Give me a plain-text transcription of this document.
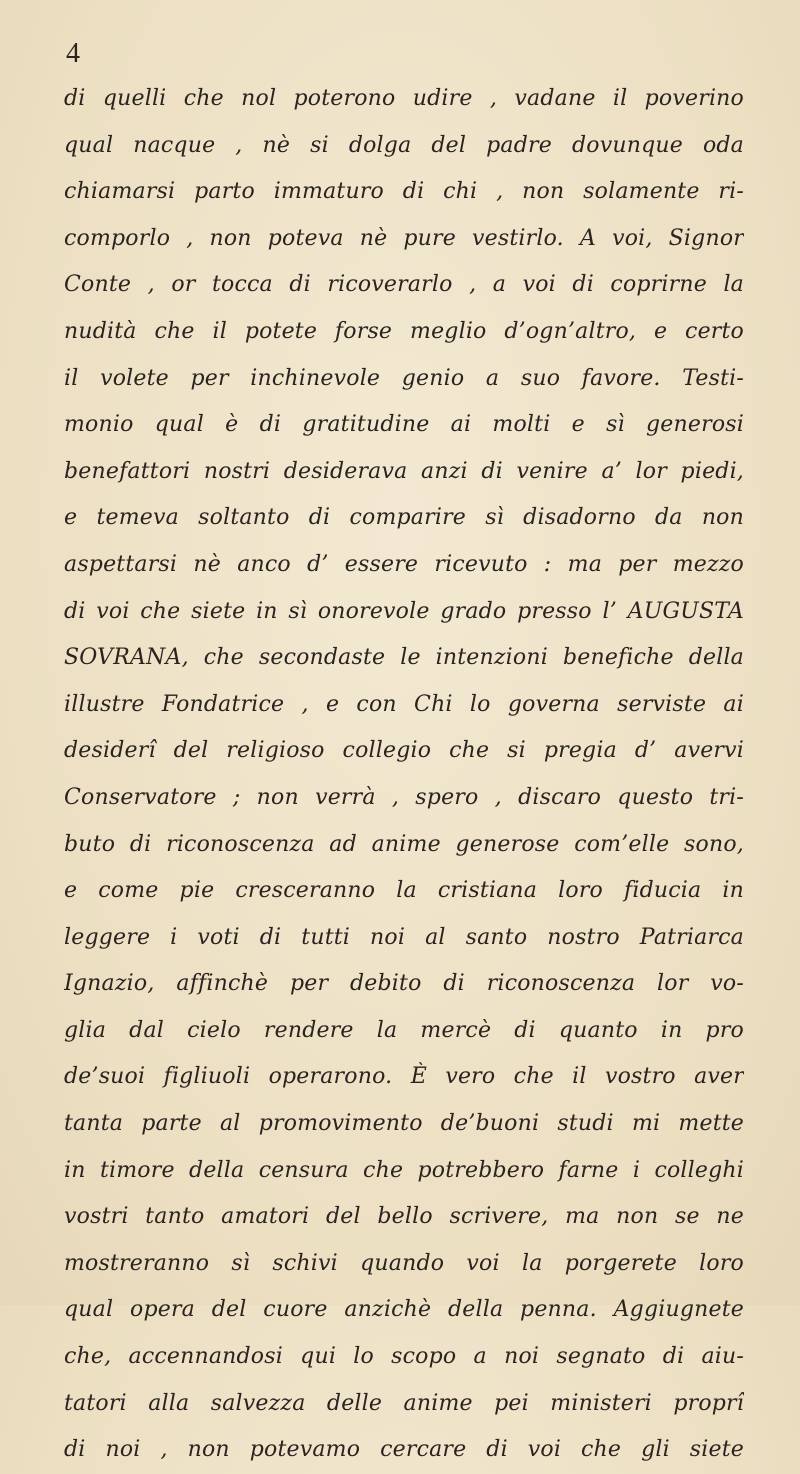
4
di quelli che nol poterono udire , vadane il poverino
qual nacque , nè si dolga del padre dovunque oda
chiamarsi parto immaturo di chi , non solamente ri-
comporlo , non poteva nè pure vestirlo. A voi, Signor
Conte , or tocca di ricoverarlo , a voi di coprirne la
nudità che il potete forse meglio d’ogn’altro, e certo
il volete per inchinevole genio a suo favore. Testi-
monio qual è di gratitudine ai molti e sì generosi
benefattori nostri desiderava anzi di venire a’ lor piedi,
e temeva soltanto di comparire sì disadorno da non
aspettarsi nè anco d’ essere ricevuto : ma per mezzo
di voi che siete in sì onorevole grado presso l’ AUGUSTA
SOVRANA, che secondaste le intenzioni benefiche della
illustre Fondatrice , e con Chi lo governa serviste ai
desiderî del religioso collegio che si pregia d’ avervi
Conservatore ; non verrà , spero , discaro questo tri-
buto di riconoscenza ad anime generose com’elle sono,
e come pie cresceranno la cristiana loro fiducia in
leggere i voti di tutti noi al santo nostro Patriarca
Ignazio, affinchè per debito di riconoscenza lor vo-
glia dal cielo rendere la mercè di quanto in pro
de’suoi figliuoli operarono. È vero che il vostro aver
tanta parte al promovimento de’buoni studi mi mette
in timore della censura che potrebbero farne i colleghi
vostri tanto amatori del bello scrivere, ma non se ne
mostreranno sì schivi quando voi la porgerete loro
qual opera del cuore anzichè della penna. Aggiugnete
che, accennandosi qui lo scopo a noi segnato di aiu-
tatori alla salvezza delle anime pei ministeri proprî
di noi , non potevamo cercare di voi che gli siete
